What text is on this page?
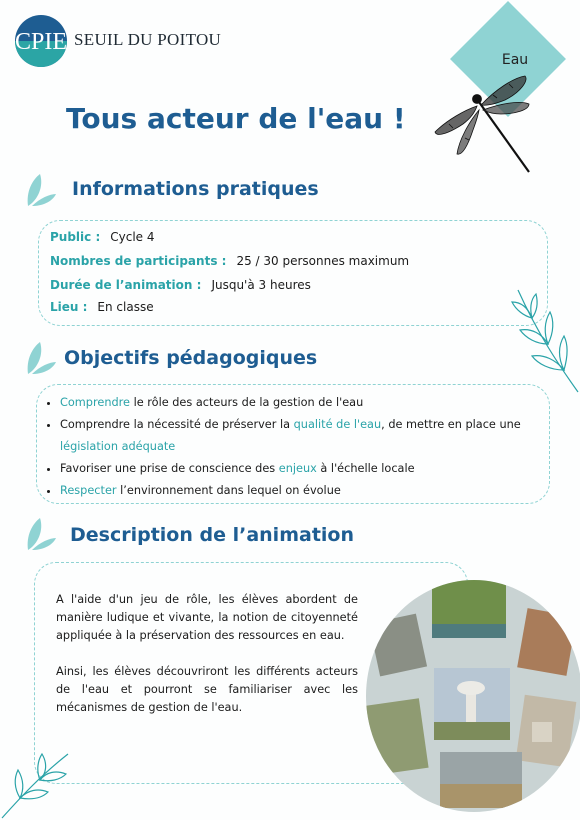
CPIE SEUIL DU POITOU
Eau
Tous acteur de l'eau !
Informations pratiques
Public : Cycle 4
Nombres de participants : 25 / 30 personnes maximum
Durée de l’animation : Jusqu'à 3 heures
Lieu : En classe
Objectifs pédagogiques
• Comprendre le rôle des acteurs de la gestion de l'eau
• Comprendre la nécessité de préserver la qualité de l'eau, de mettre en place une législation adéquate
• Favoriser une prise de conscience des enjeux à l'échelle locale
• Respecter l’environnement dans lequel on évolue
Description de l’animation

A l'aide d'un jeu de rôle, les élèves abordent de manière ludique et vivante, la notion de citoyenneté appliquée à la préservation des ressources en eau.

Ainsi, les élèves découvriront les différents acteurs de l'eau et pourront se familiariser avec les mécanismes de gestion de l'eau.
